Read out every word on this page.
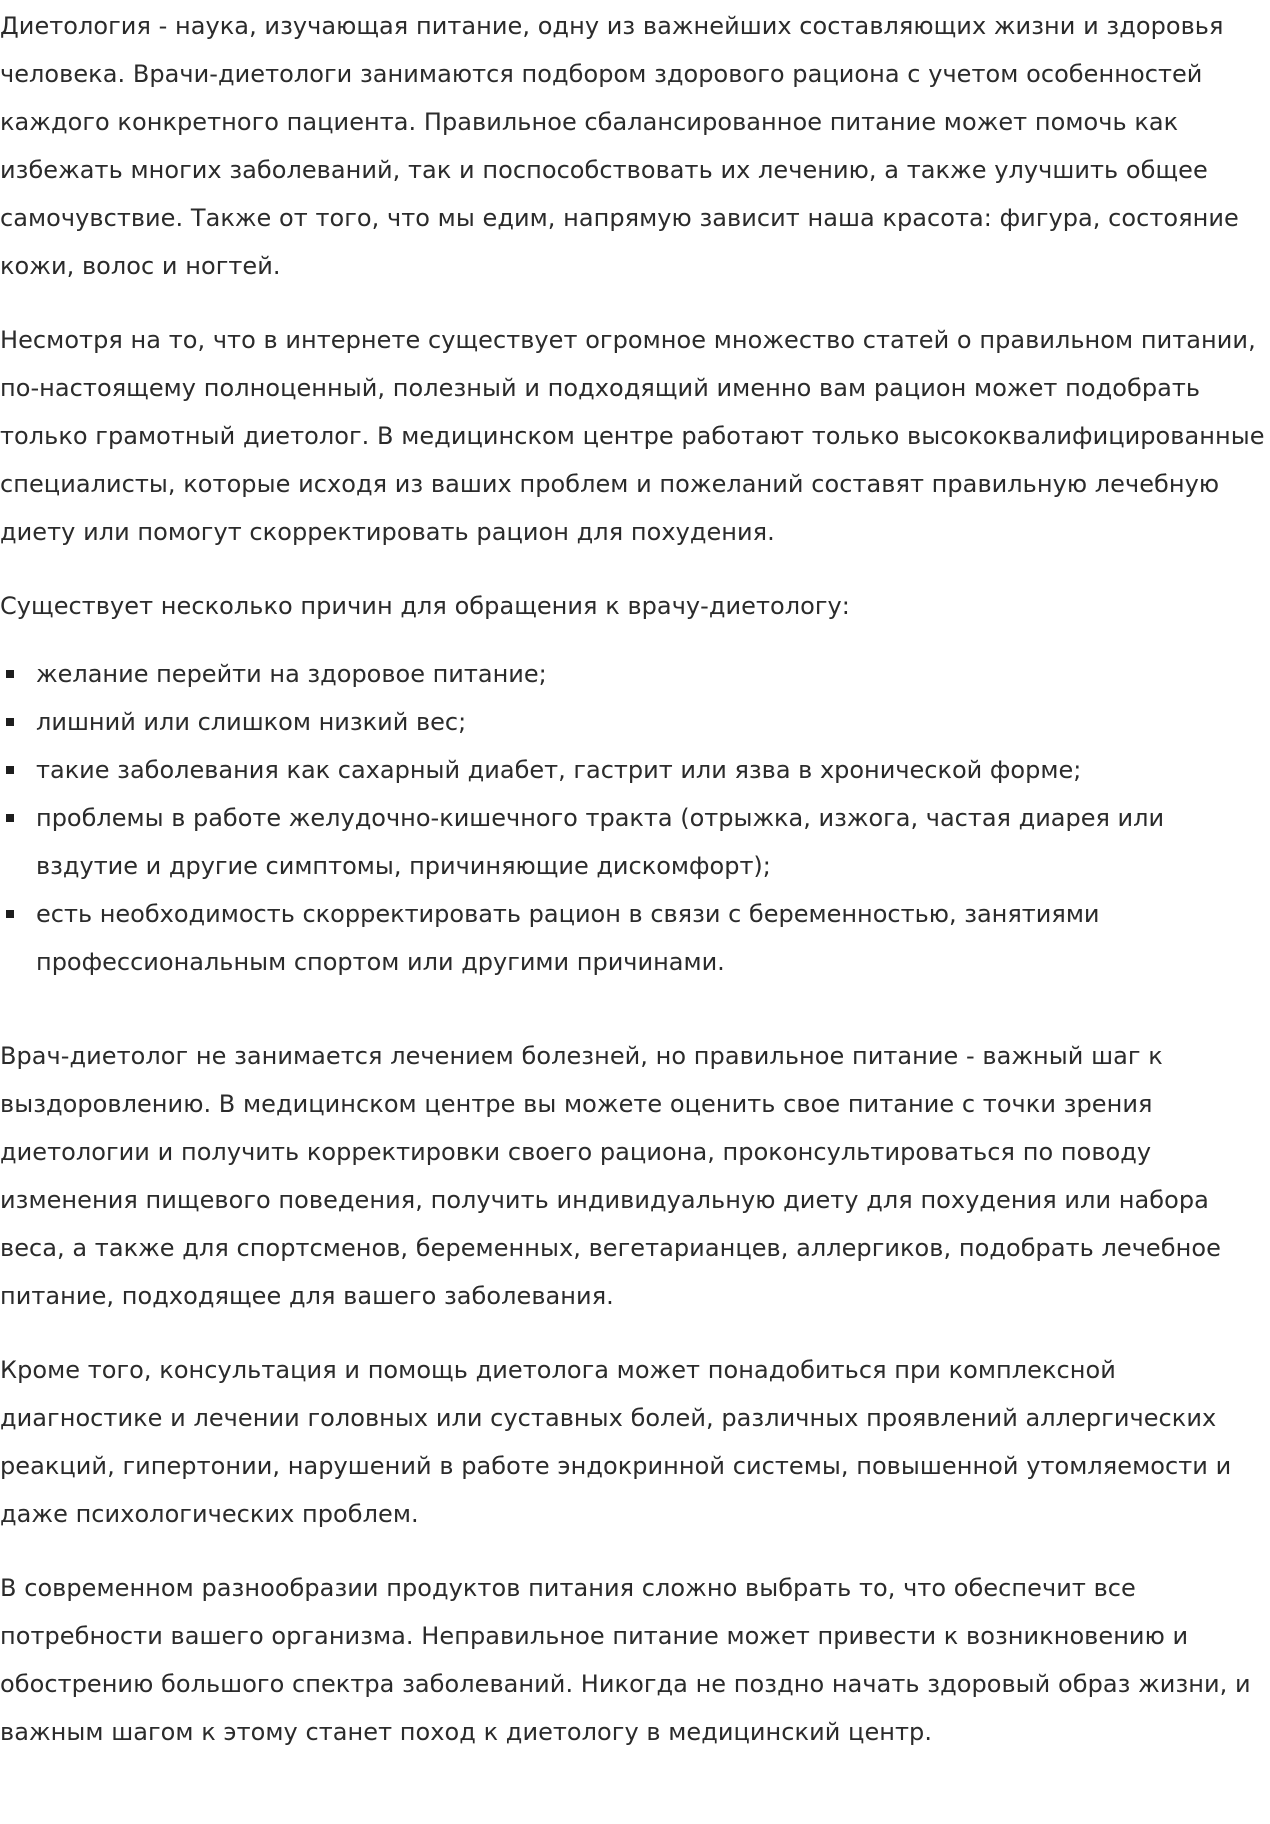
Диетология - наука, изучающая питание, одну из важнейших составляющих жизни и здоровья человека. Врачи-диетологи занимаются подбором здорового рациона с учетом особенностей каждого конкретного пациента. Правильное сбалансированное питание может помочь как избежать многих заболеваний, так и поспособствовать их лечению, а также улучшить общее самочувствие. Также от того, что мы едим, напрямую зависит наша красота: фигура, состояние кожи, волос и ногтей.

Несмотря на то, что в интернете существует огромное множество статей о правильном питании, по-настоящему полноценный, полезный и подходящий именно вам рацион может подобрать только грамотный диетолог. В медицинском центре работают только высококвалифицированные специалисты, которые исходя из ваших проблем и пожеланий составят правильную лечебную диету или помогут скорректировать рацион для похудения.

Существует несколько причин для обращения к врачу-диетологу:

желание перейти на здоровое питание;
лишний или слишком низкий вес;
такие заболевания как сахарный диабет, гастрит или язва в хронической форме;
проблемы в работе желудочно-кишечного тракта (отрыжка, изжога, частая диарея или вздутие и другие симптомы, причиняющие дискомфорт);
есть необходимость скорректировать рацион в связи с беременностью, занятиями профессиональным спортом или другими причинами.

Врач-диетолог не занимается лечением болезней, но правильное питание - важный шаг к выздоровлению. В медицинском центре вы можете оценить свое питание с точки зрения диетологии и получить корректировки своего рациона, проконсультироваться по поводу изменения пищевого поведения, получить индивидуальную диету для похудения или набора веса, а также для спортсменов, беременных, вегетарианцев, аллергиков, подобрать лечебное питание, подходящее для вашего заболевания.

Кроме того, консультация и помощь диетолога может понадобиться при комплексной диагностике и лечении головных или суставных болей, различных проявлений аллергических реакций, гипертонии, нарушений в работе эндокринной системы, повышенной утомляемости и даже психологических проблем.

В современном разнообразии продуктов питания сложно выбрать то, что обеспечит все потребности вашего организма. Неправильное питание может привести к возникновению и обострению большого спектра заболеваний. Никогда не поздно начать здоровый образ жизни, и важным шагом к этому станет поход к диетологу в медицинский центр.
